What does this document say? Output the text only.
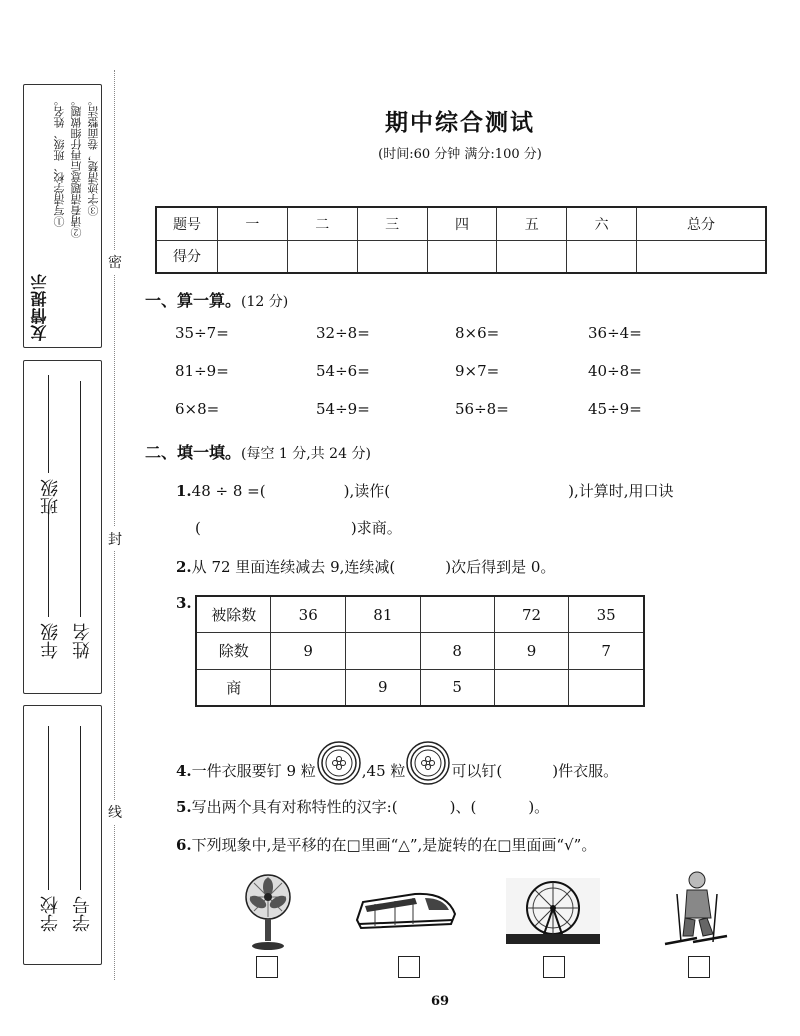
友情提示
①写清学校、班级、姓名。 ②请看清题意后再仔细做题。 ③字迹清楚，卷面整洁。
年级
班级
姓名
学校 学号
密
封
线
期中综合测试
(时间:60 分钟 满分:100 分)
题号	一	二	三	四	五	六	总分
得分							
一、算一算。(12 分)
35÷7=	32÷8=	8×6=	36÷4=
81÷9=	54÷6=	9×7=	40÷8=
6×8=	54÷9=	56÷8=	45÷9=
二、填一填。(每空 1 分,共 24 分)
1.48 ÷ 8 =(	),读作(	),计算时,用口诀
(	)求商。
2.从 72 里面连续减去 9,连续减(	)次后得到是 0。
3.
被除数	36	81		72	35
除数	9		8	9	7
商		9	5		
4.一件衣服要钉 9 粒	,45 粒	可以钉(	)件衣服。
5.写出两个具有对称特性的汉字:(	)、(	)。
6.下列现象中,是平移的在□里画“△”,是旋转的在□里面画“√”。
69
